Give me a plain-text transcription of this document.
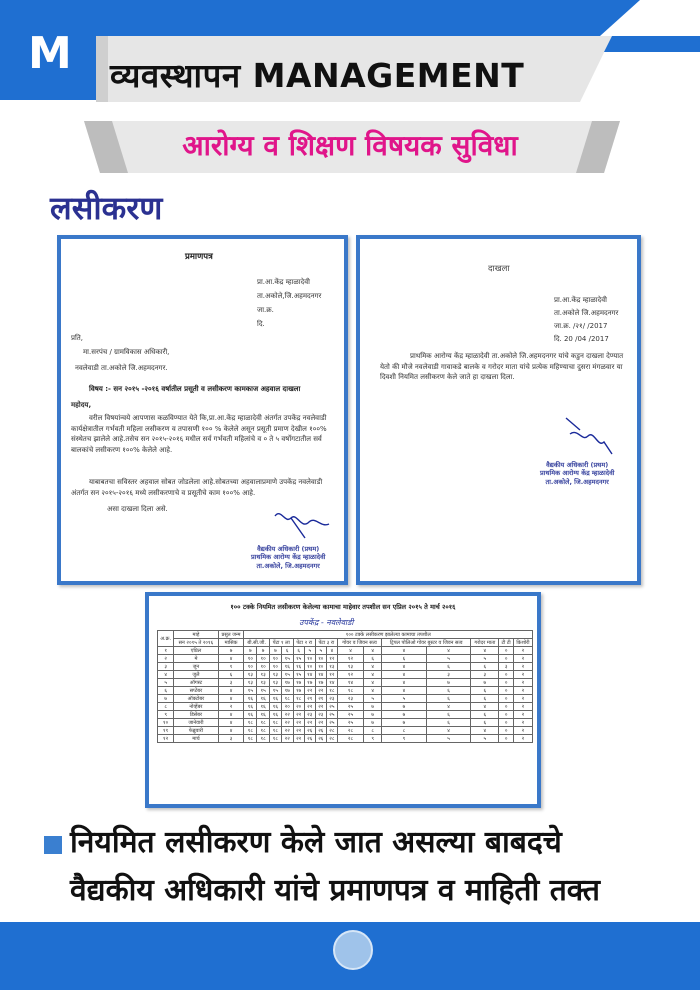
M व्यवस्थापन MANAGEMENT
आरोग्य व शिक्षण विषयक सुविधा
लसीकरण
प्रमाणपत्र
प्रा.आ.केंद्र म्हाळादेवी
ता.अकोले,जि.अहमदनगर
जा.क्र.
दि.
प्रति,
मा.सरपंच / ग्रामविकास अधिकारी,
नवलेवाडी ता.अकोले जि.अहमदनगर.
विषय :- सन २०१५ -२०१६ वर्षातील प्रसूती व लसीकरण कामकाज अहवाल दाखला
महोदय,
वरील विषयांन्वये आपणास कळविण्यात येते कि,प्रा.आ.केंद्र म्हाळादेवी अंतर्गत उपकेंद्र नवलेवाडी कार्यक्षेत्रातील गर्भवती महिला लसीकरण व तपासणी १०० % केलेले असून प्रसूती प्रमाण देखील १००% संस्थेतच झालेले आहे.तसेच सन २०१५-२०१६ मधील सर्व गर्भवती महिलांचे व ० ते ५ वर्षोगटातील सर्व बालकांचे लसीकरण १००% केलेले आहे.
याबाबतचा सविस्तर अहवाल सोबत जोडलेला आहे.सोबतच्या अहवालाप्रमाणे उपकेंद्र नवलेवाडी अंतर्गत सन २०१५-२०१६ मध्ये लसीकरणाचे व प्रसूतीचे काम १००% आहे.
असा दाखला दिला असे.
वैद्यकीय अधिकारी (प्रथम)
प्राथमिक आरोग्य केंद्र म्हाळादेवी
ता.अकोले, जि.अहमदनगर
दाखला
प्रा.आ.केंद्र म्हाळादेवी
ता.अकोले जि.अहमदनगर
जा.क्र. /२१/ /2017
दि. 20 /04 /2017
प्राथमिक आरोग्य केंद्र म्हाळादेवी ता.अकोले जि.अहमदनगर यांचे कडुन दाखला देण्यात येतो की मौजे नवलेवाडी गावाकडे बालके व गरोदर माता यांचे प्रत्येक महिण्याचा दुसरा मंगळवार या दिवशी नियमित लसीकरण केले जाते हा दाखला दिला.
वैद्यकीय अधिकारी (प्रथम)
प्राथमिक आरोग्य केंद्र म्हाळादेवी
ता.अकोले, जि.अहमदनगर
१०० टक्के नियमित लसीकरण केलेल्या कामाचा माहेवार तपशील सन एप्रिल २०१५ ते मार्च २०१६
उपकेंद्र - नवलेवाडी
अ.क्र.	माहे	प्रसुत जन्म	१०० टक्के लसीकरण झालेल्या कामाचा तपशील														
	सन २०१५ ते २०१६	मासिक	बी.सी.जी.		पेंटा १ ला		पेंटा २ रा		पेंटा ३ रा		गोवर व जिवन सत्व		ट्रिपल पोलिओ गोवर बुस्टर व जिवन सत्व		गरोदर माता	टी टी	किशोरी
१	एप्रिल	७	७	७	७	६	६	५	५	४	४	४	४	४	४	०	२
२	मे	४	१०	१०	१०	१५	१५	१०	१०	१२	१२	६	६	५	५	०	२
३	जून	१	१०	१०	१०	१६	१६	१०	१०	१३	१३	४	४	६	६	३	२
४	जुलै	६	१३	१३	१३	१५	१५	१४	१४	१२	१२	४	४	३	३	०	२
५	ऑगस्ट	३	१३	१३	१३	१७	१७	१७	१७	१४	१४	४	४	७	७	०	२
६	सप्टेंबर	४	१५	१५	१५	१७	१७	२२	२२	१८	१८	४	४	६	६	०	२
७	ऑक्टोबर	४	१६	१६	१६	१८	१८	२१	२१	२३	२३	५	५	६	६	०	२
८	नोव्हेंबर	२	१६	१६	१६	२०	२०	२२	२२	२५	२५	७	७	४	४	०	२
९	डिसेंबर	४	१६	१६	१६	२२	२२	२३	२३	२५	२५	७	७	६	६	०	२
१०	जानेवारी	४	१८	१८	१८	२२	२२	२२	२२	२५	२५	७	७	६	६	०	२
११	फेब्रुवारी	४	१८	१८	१८	२२	२२	२६	२६	२८	२८	८	८	४	४	०	२
१२	मार्च	३	१८	१८	१८	२२	२२	२६	२६	२८	२८	९	९	५	५	०	२
नियमित लसीकरण केले जात असल्या बाबदचे
वैद्यकीय अधिकारी यांचे प्रमाणपत्र व माहिती तक्त
